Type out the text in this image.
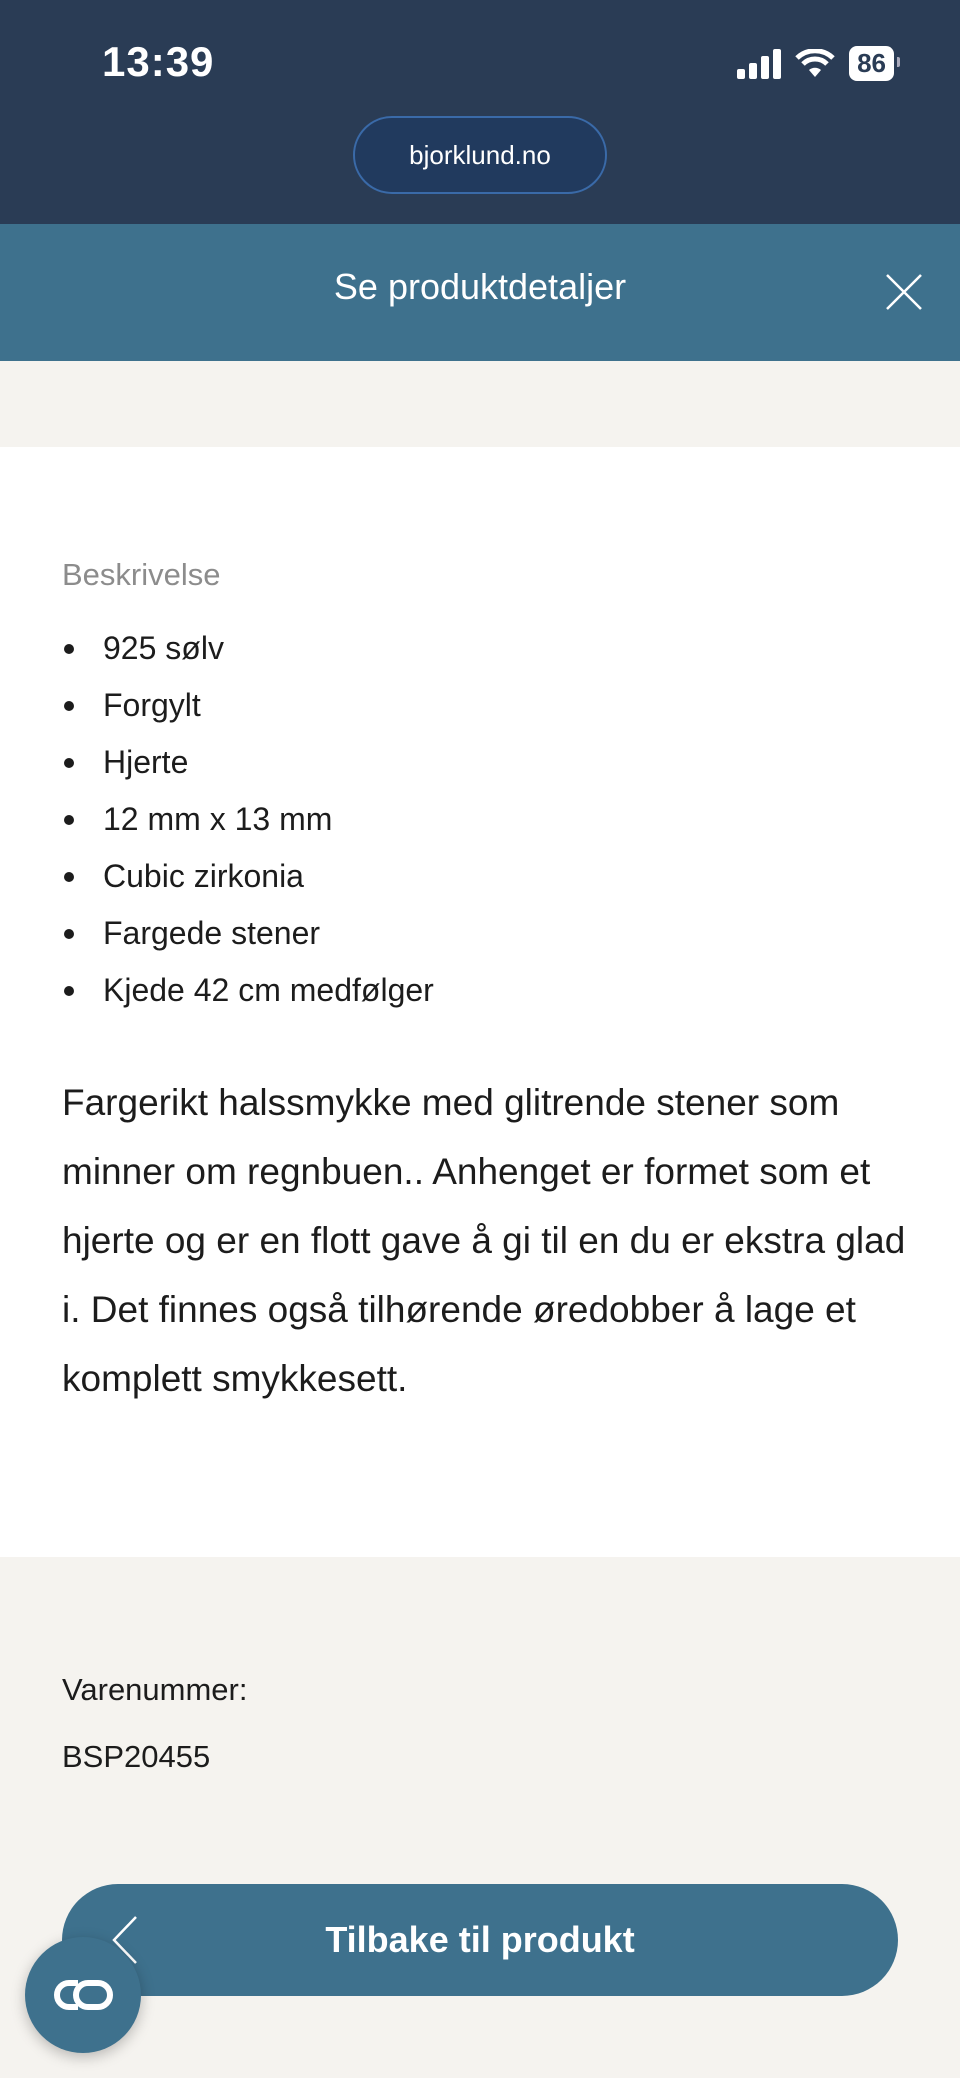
13:39	86
bjorklund.no
Se produktdetaljer
Beskrivelse
925 sølv
Forgylt
Hjerte
12 mm x 13 mm
Cubic zirkonia
Fargede stener
Kjede 42 cm medfølger

Fargerikt halssmykke med glitrende stener som minner om regnbuen.. Anhenget er formet som et hjerte og er en flott gave å gi til en du er ekstra glad i. Det finnes også tilhørende øredobber å lage et komplett smykkesett.

Varenummer:
BSP20455
Tilbake til produkt
